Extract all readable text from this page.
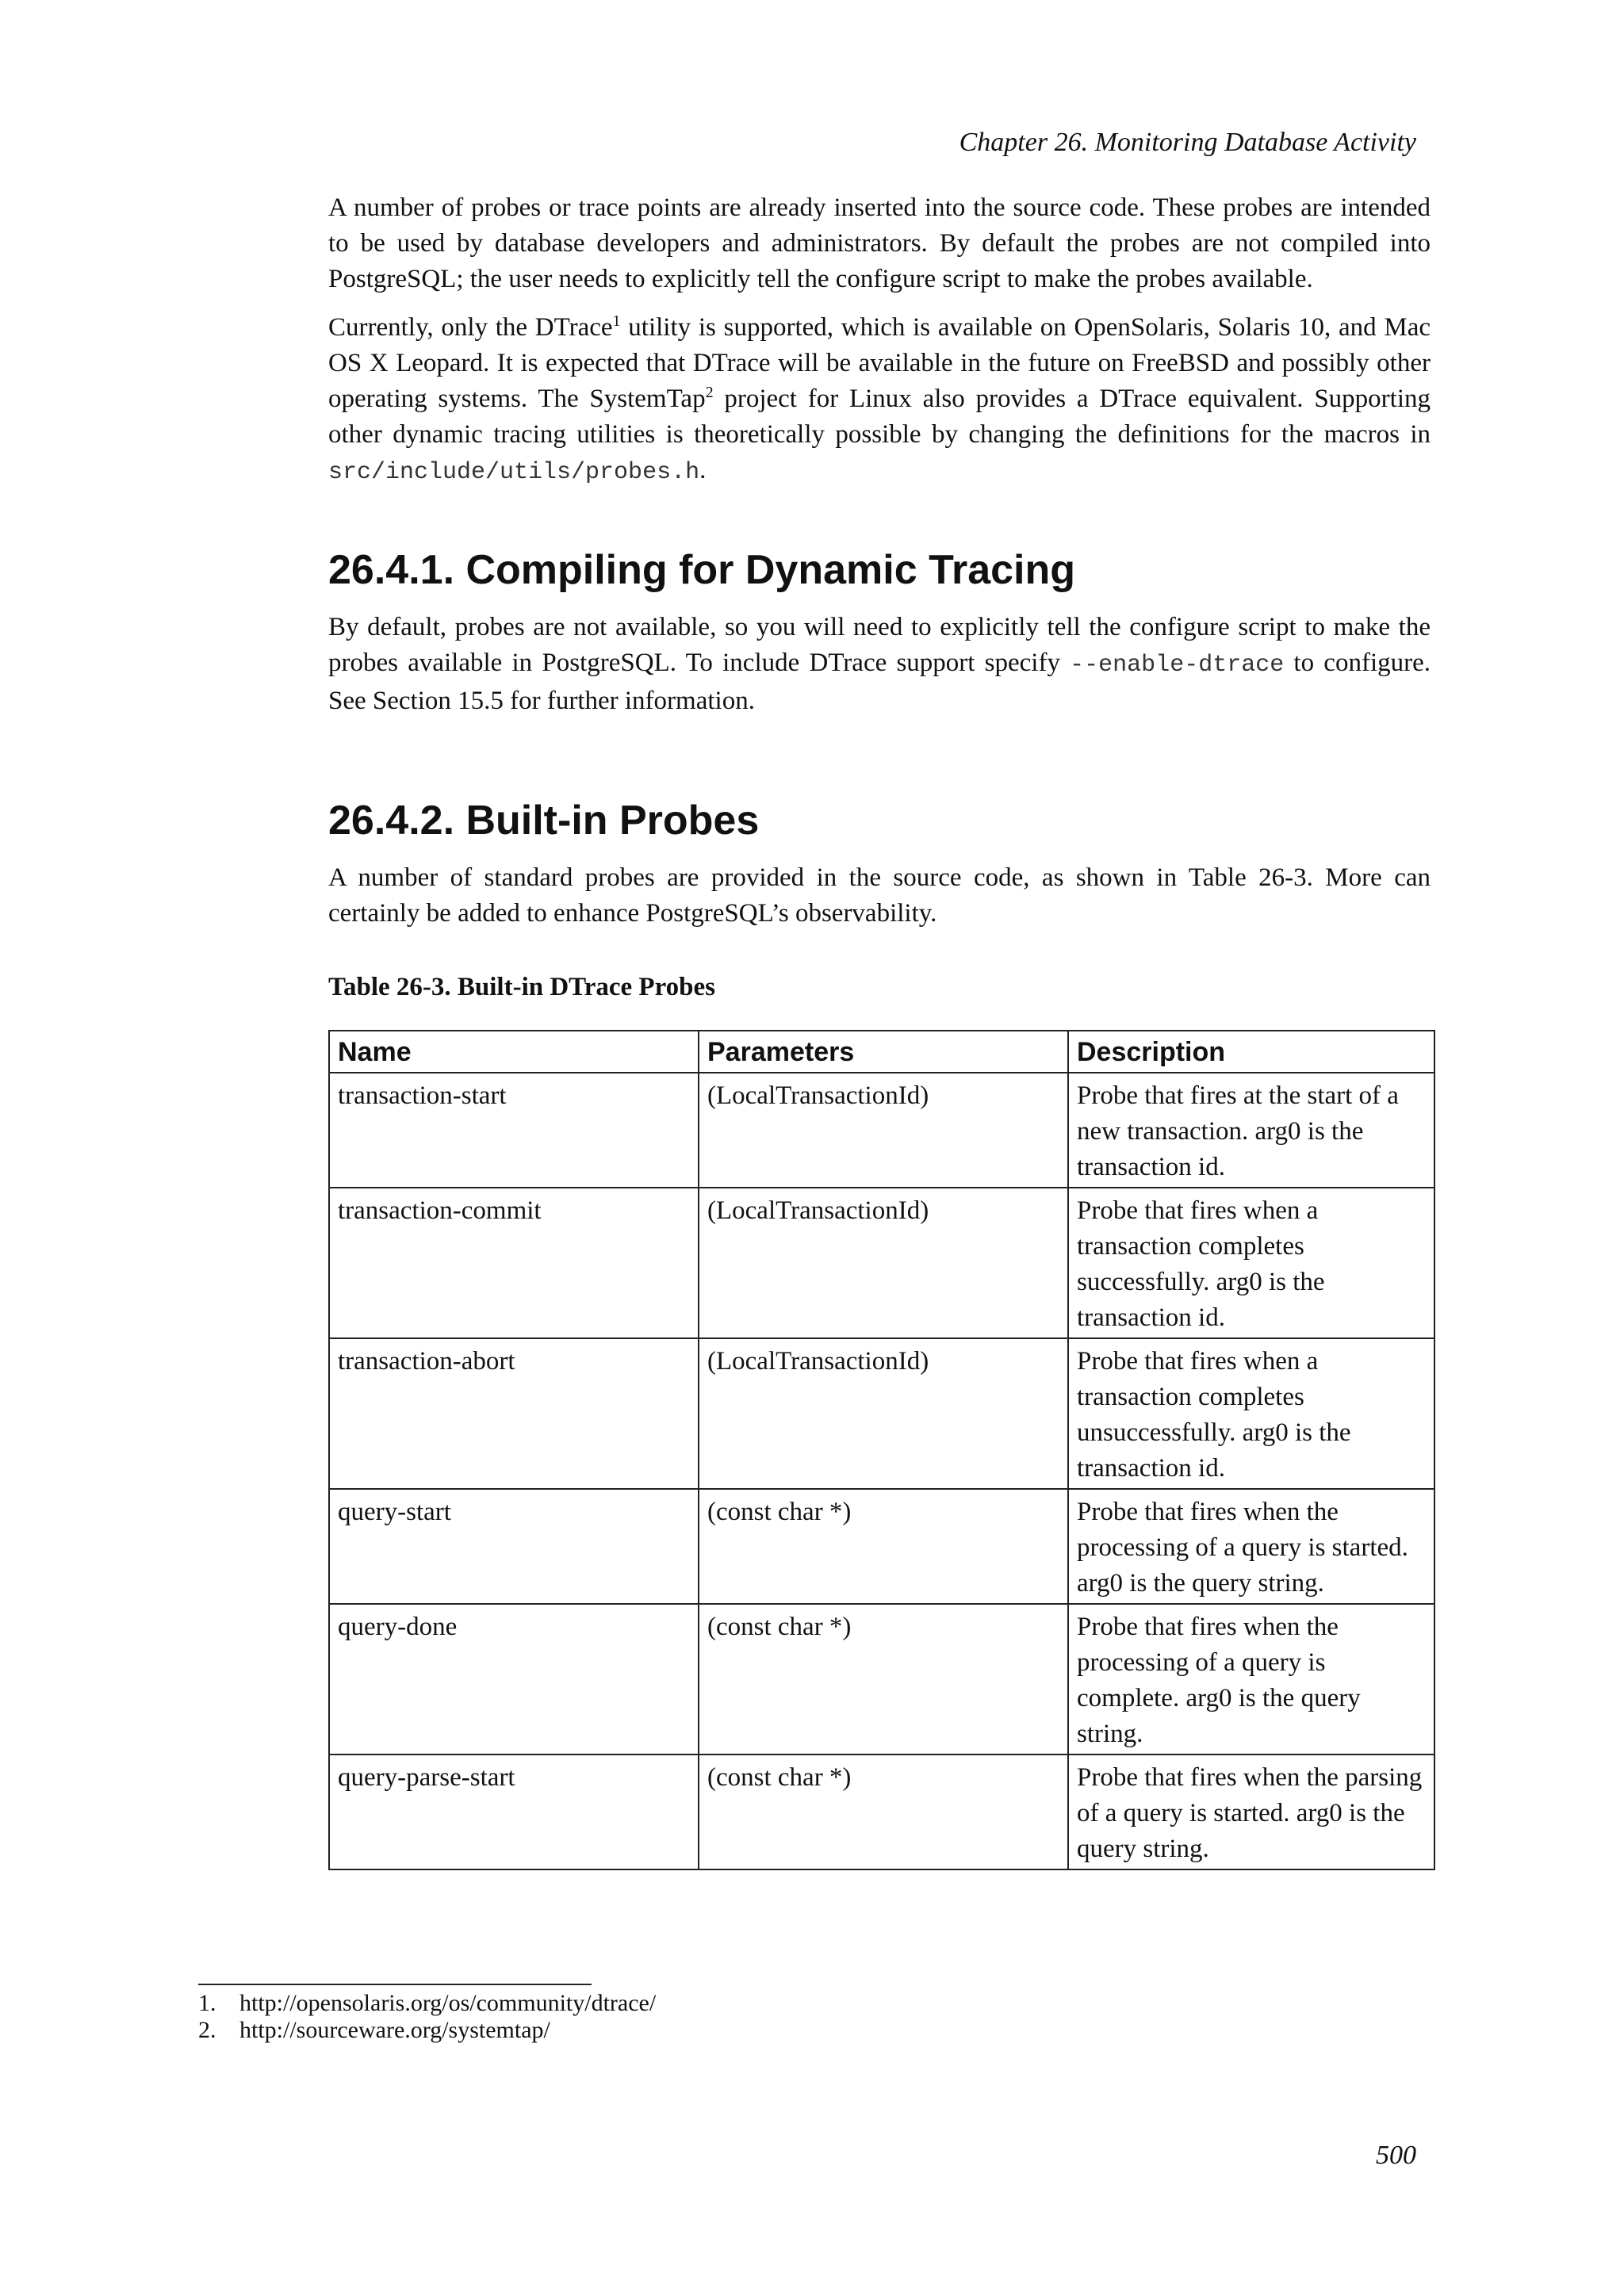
Chapter 26. Monitoring Database Activity

A number of probes or trace points are already inserted into the source code. These probes are intended to be used by database developers and administrators. By default the probes are not compiled into PostgreSQL; the user needs to explicitly tell the configure script to make the probes available.

Currently, only the DTrace$^1$ utility is supported, which is available on OpenSolaris, Solaris 10, and Mac OS X Leopard. It is expected that DTrace will be available in the future on FreeBSD and possibly other operating systems. The SystemTap$^2$ project for Linux also provides a DTrace equivalent. Supporting other dynamic tracing utilities is theoretically possible by changing the definitions for the macros in src/include/utils/probes.h.

26.4.1. Compiling for Dynamic Tracing

By default, probes are not available, so you will need to explicitly tell the configure script to make the probes available in PostgreSQL. To include DTrace support specify --enable-dtrace to configure. See Section 15.5 for further information.

26.4.2. Built-in Probes

A number of standard probes are provided in the source code, as shown in Table 26-3. More can certainly be added to enhance PostgreSQL’s observability.

Table 26-3. Built-in DTrace Probes

Name	Parameters	Description
transaction-start	(LocalTransactionId)	Probe that fires at the start of a new transaction. arg0 is the transaction id.
transaction-commit	(LocalTransactionId)	Probe that fires when a transaction completes successfully. arg0 is the transaction id.
transaction-abort	(LocalTransactionId)	Probe that fires when a transaction completes unsuccessfully. arg0 is the transaction id.
query-start	(const char *)	Probe that fires when the processing of a query is started. arg0 is the query string.
query-done	(const char *)	Probe that fires when the processing of a query is complete. arg0 is the query string.
query-parse-start	(const char *)	Probe that fires when the parsing of a query is started. arg0 is the query string.
1. http://opensolaris.org/os/community/dtrace/
2. http://sourceware.org/systemtap/
500
